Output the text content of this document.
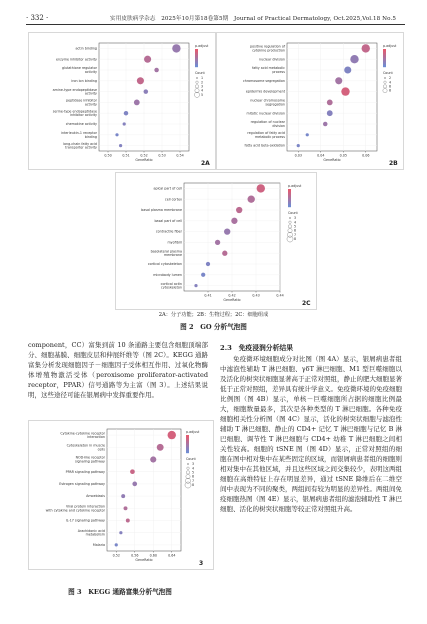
· 332 ·	实用皮肤病学杂志　2025年10月第18卷第5期　Journal of Practical Dermatology, Oct.2025,Vol.18 No.5
0.50	0.51	0.52	0.53	0.54
GeneRatio
actin binding
enzyme inhibitor activity
glutathione regulator activity
iron ion binding
amine-type endopeptidase activity
peptidase inhibitor activity
serine-type endopeptidase inhibitor activity
chemokine activity
interleukin-1 receptor binding
long-chain fatty acid transporter activity
p.adjust
Count
1
2
3
4
5
2A
0.03	0.04	0.05	0.06
GeneRatio
positive regulation of cytokine production
nuclear division
fatty acid metabolic process
chromosome segregation
epidermis development
nuclear chromosome segregation
mitotic nuclear division
regulation of nuclear division
regulation of fatty acid metabolic process
fatty acid beta-oxidation
p.adjust
Count
2
4
6
8
2B
0.41	0.42	0.43	0.44
GeneRatio
apical part of cell
cell cortex
basal plasma membrane
basal part of cell
contractile fiber
myofibril
basolateral plasma membrane
cortical cytoskeleton
microbody lumen
cortical actin cytoskeleton
p.adjust
Count
3
4
5
6
7
8
2C
2A：分子功能；2B：生物过程；2C：细胞组成
图 2　GO 分析气泡图
component，CC）富集到前 10 条通路主要包含细胞顶端部分、细胞基膜、细胞皮层和伸展纤维等（图 2C）。KEGG 通路富集分析发现细胞因子－细胞因子受体相互作用、过氧化物酶体增殖物激活受体（peroxisome proliferator-activated receptor，PPAR）信号通路等为主富（图 3）。上述结果说明，这些途径可能在银屑病中发挥重要作用。
0.52	0.56	0.60	0.64
GeneRatio
Cytokine-cytokine receptor interaction
Cytoskeleton in muscle cells
NOD-like receptor signaling pathway
PPAR signaling pathway
Estrogen signaling pathway
Amoebiasis
Viral protein interaction with cytokine and cytokine receptor
IL-17 signaling pathway
Arachidonic acid metabolism
Malaria
p.adjust
Count
3
4
5
6
7
8
3
图 3　KEGG 通路富集分析气泡图
2.3　免疫浸润分析结果
免疫微环境细胞成分对比图（图 4A）显示，银屑病患者组中滤泡性辅助 T 淋巴细胞、γδT 淋巴细胞、M1 型巨噬细胞以及活化的树突状细胞显著高于正常对照组，静止的肥大细胞显著低于正常对照组，差异具有统计学意义。免疫微环境的免疫细胞比例图（图 4B）显示，单核－巨噬细胞所占据的细胞比例最大，细胞数量最多，其次是各种类型的 T 淋巴细胞。各种免疫细胞相关性分析图（图 4C）显示，活化的树突状细胞与滤泡性辅助 T 淋巴细胞、静止的 CD4+ 记忆 T 淋巴细胞与记忆 B 淋巴细胞、调节性 T 淋巴细胞与 CD4+ 幼稚 T 淋巴细胞之间相关性较高。细胞的 tSNE 图（图 4D）显示，正常对照组的细胞在图中相对集中在某些固定的区域，而银屑病患者组的细胞则相对集中在其他区域，并且这些区域之间交集较少，表明这两组细胞在高维特征上存在明显差异，通过 tSNE 降维后在二维空间中表现为不同的聚类，两组间有较为明显的差异性。两组间免疫细胞热图（图 4E）显示，银屑病患者组的滤泡辅助性 T 淋巴细胞、活化的树突状细胞等较正常对照组升高。
